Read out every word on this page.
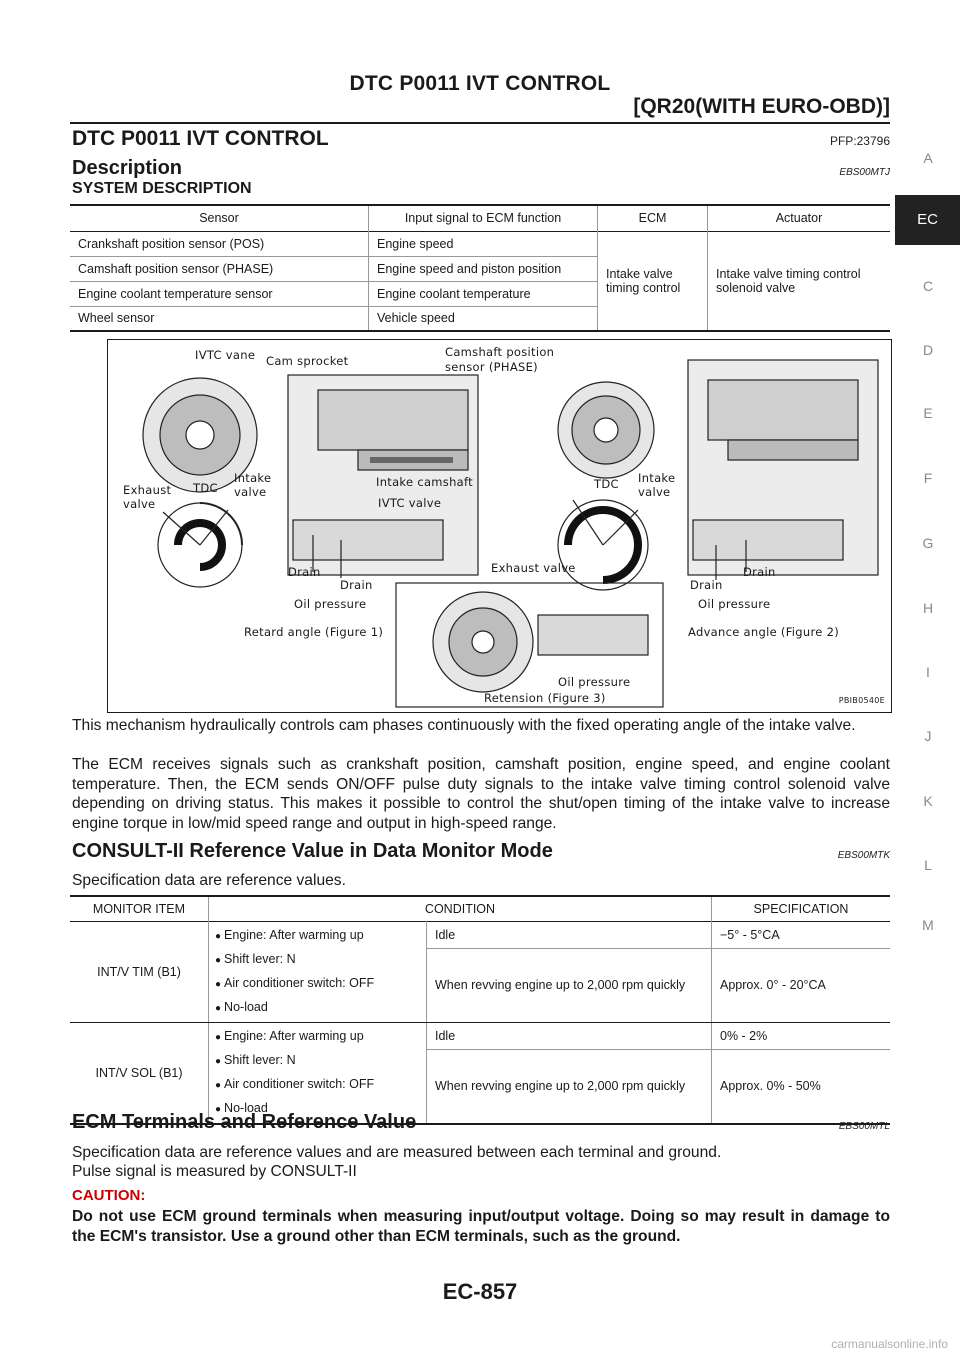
DTC P0011 IVT CONTROL
[QR20(WITH EURO-OBD)]
A
EC
C
D
E
F
G
H
I
J
K
L
M
DTC P0011 IVT CONTROL	PFP:23796
Description	EBS00MTJ
SYSTEM DESCRIPTION
Sensor	Input signal to ECM function	ECM	Actuator
Crankshaft position sensor (POS)	Engine speed	Intake valve timing control	Intake valve timing control solenoid valve
Camshaft position sensor (PHASE)	Engine speed and piston position		
Engine coolant temperature sensor	Engine coolant temperature		
Wheel sensor	Vehicle speed		
IVTC vane Cam sprocket
Camshaft position
sensor (PHASE)
Intake camshaft
IVTC valve
Exhaust
valve
TDC
Intake
valve
Drain
Drain
Oil pressure
Retard angle (Figure 1)
TDC Intake
valve
Exhaust valve
Drain
Drain
Oil pressure
Advance angle (Figure 2)
Oil pressure
Retension (Figure 3)	PBIB0540E
This mechanism hydraulically controls cam phases continuously with the fixed operating angle of the intake valve.
The ECM receives signals such as crankshaft position, camshaft position, engine speed, and engine coolant temperature. Then, the ECM sends ON/OFF pulse duty signals to the intake valve timing control solenoid valve depending on driving status. This makes it possible to control the shut/open timing of the intake valve to increase engine torque in low/mid speed range and output in high-speed range.
CONSULT-II Reference Value in Data Monitor Mode	EBS00MTK
Specification data are reference values.
MONITOR ITEM	CONDITION		SPECIFICATION
INT/V TIM (B1)	● Engine: After warming up
● Shift lever: N
● Air conditioner switch: OFF
● No-load	Idle	−5° - 5°CA
		When revving engine up to 2,000 rpm quickly	Approx. 0° - 20°CA
INT/V SOL (B1)	● Engine: After warming up
● Shift lever: N
● Air conditioner switch: OFF
● No-load	Idle	0% - 2%
		When revving engine up to 2,000 rpm quickly	Approx. 0% - 50%
ECM Terminals and Reference Value	EBS00MTL
Specification data are reference values and are measured between each terminal and ground.
Pulse signal is measured by CONSULT-II
CAUTION:
Do not use ECM ground terminals when measuring input/output voltage. Doing so may result in damage to the ECM's transistor. Use a ground other than ECM terminals, such as the ground.
EC-857
carmanualsonline.info
